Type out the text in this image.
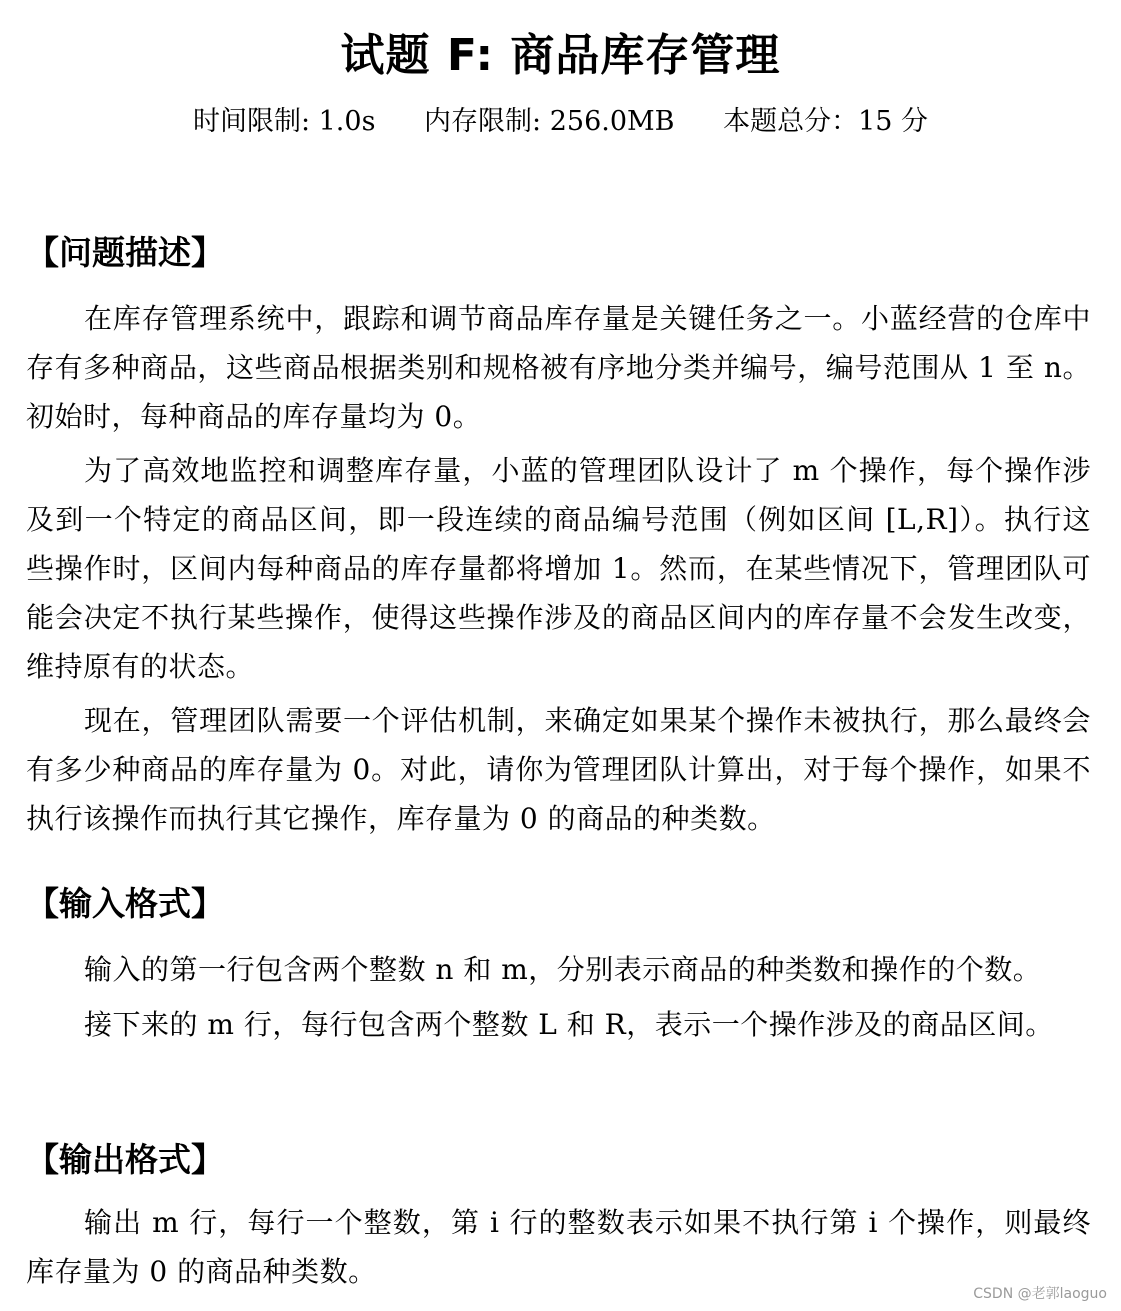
试题 F: 商品库存管理
时间限制: 1.0s 内存限制: 256.0MB 本题总分：15 分
【问题描述】
在库存管理系统中，跟踪和调节商品库存量是关键任务之一。小蓝经营的仓库中存有多种商品，这些商品根据类别和规格被有序地分类并编号，编号范围从 1 至 n。初始时，每种商品的库存量均为 0。
为了高效地监控和调整库存量，小蓝的管理团队设计了 m 个操作，每个操作涉及到一个特定的商品区间，即一段连续的商品编号范围（例如区间 [L,R]）。执行这些操作时，区间内每种商品的库存量都将增加 1。然而，在某些情况下，管理团队可能会决定不执行某些操作，使得这些操作涉及的商品区间内的库存量不会发生改变，维持原有的状态。
现在，管理团队需要一个评估机制，来确定如果某个操作未被执行，那么最终会有多少种商品的库存量为 0。对此，请你为管理团队计算出，对于每个操作，如果不执行该操作而执行其它操作，库存量为 0 的商品的种类数。
【输入格式】
输入的第一行包含两个整数 n 和 m，分别表示商品的种类数和操作的个数。
接下来的 m 行，每行包含两个整数 L 和 R，表示一个操作涉及的商品区间。
【输出格式】
输出 m 行，每行一个整数，第 i 行的整数表示如果不执行第 i 个操作，则最终库存量为 0 的商品种类数。
CSDN @老郭laoguo
